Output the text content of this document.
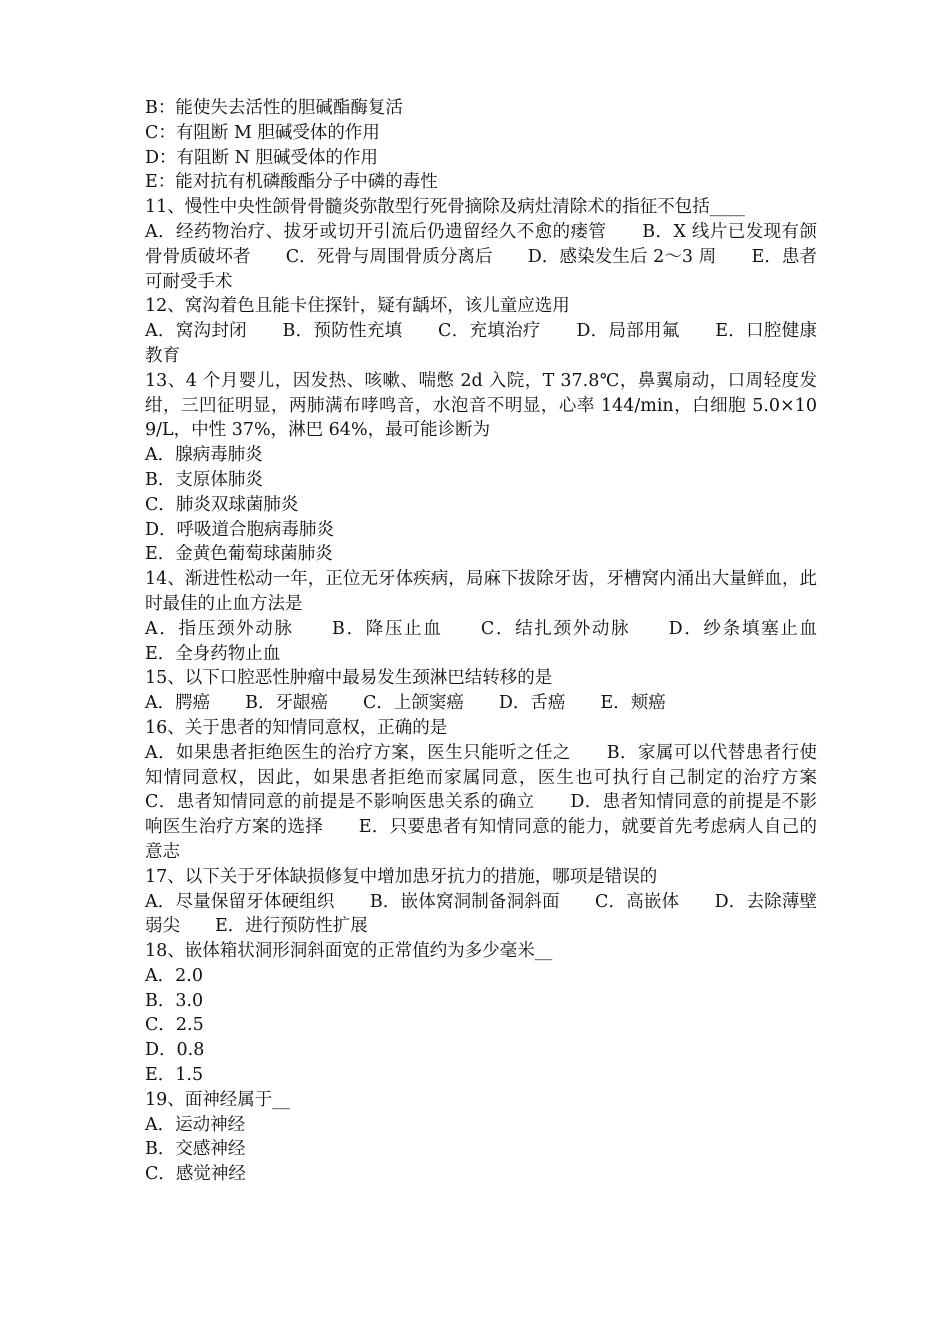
B：能使失去活性的胆碱酯酶复活

C：有阻断 M 胆碱受体的作用

D：有阻断 N 胆碱受体的作用

E：能对抗有机磷酸酯分子中磷的毒性

11、慢性中央性颌骨骨髓炎弥散型行死骨摘除及病灶清除术的指征不包括____

A．经药物治疗、拔牙或切开引流后仍遗留经久不愈的瘘管　　B．X 线片已发现有颌骨骨质破坏者　　C．死骨与周围骨质分离后　　D．感染发生后 2～3 周　　E．患者可耐受手术

12、窝沟着色且能卡住探针，疑有龋坏，该儿童应选用

A．窝沟封闭　　B．预防性充填　　C．充填治疗　　D．局部用氟　　E．口腔健康教育

13、4 个月婴儿，因发热、咳嗽、喘憋 2d 入院，T 37.8℃，鼻翼扇动，口周轻度发绀，三凹征明显，两肺满布哮鸣音，水泡音不明显，心率 144/min，白细胞 5.0×109/L，中性 37%，淋巴 64%，最可能诊断为

A．腺病毒肺炎

B．支原体肺炎

C．肺炎双球菌肺炎

D．呼吸道合胞病毒肺炎

E．金黄色葡萄球菌肺炎

14、渐进性松动一年，正位无牙体疾病，局麻下拔除牙齿，牙槽窝内涌出大量鲜血，此时最佳的止血方法是

A．指压颈外动脉　　B．降压止血　　C．结扎颈外动脉　　D．纱条填塞止血　　E．全身药物止血

15、以下口腔恶性肿瘤中最易发生颈淋巴结转移的是

A．腭癌　　B．牙龈癌　　C．上颌窦癌　　D．舌癌　　E．颊癌

16、关于患者的知情同意权，正确的是

A．如果患者拒绝医生的治疗方案，医生只能听之任之　　B．家属可以代替患者行使知情同意权，因此，如果患者拒绝而家属同意，医生也可执行自己制定的治疗方案　　C．患者知情同意的前提是不影响医患关系的确立　　D．患者知情同意的前提是不影响医生治疗方案的选择　　E．只要患者有知情同意的能力，就要首先考虑病人自己的意志

17、以下关于牙体缺损修复中增加患牙抗力的措施，哪项是错误的

A．尽量保留牙体硬组织　　B．嵌体窝洞制备洞斜面　　C．高嵌体　　D．去除薄壁弱尖　　E．进行预防性扩展

18、嵌体箱状洞形洞斜面宽的正常值约为多少毫米__

A．2.0

B．3.0

C．2.5

D．0.8

E．1.5

19、面神经属于__

A．运动神经

B．交感神经

C．感觉神经
